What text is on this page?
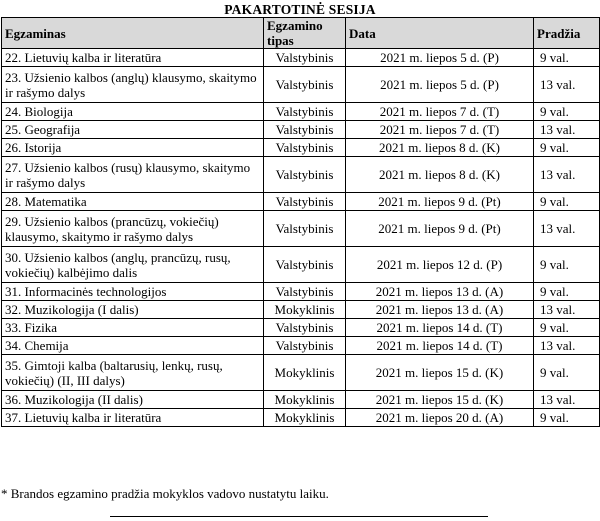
PAKARTOTINĖ SESIJA
Egzaminas	Egzamino tipas	Data	Pradžia
22. Lietuvių kalba ir literatūra	Valstybinis	2021 m. liepos 5 d. (P)	9 val.
23. Užsienio kalbos (anglų) klausymo, skaitymo ir rašymo dalys	Valstybinis	2021 m. liepos 5 d. (P)	13 val.
24. Biologija	Valstybinis	2021 m. liepos 7 d. (T)	9 val.
25. Geografija	Valstybinis	2021 m. liepos 7 d. (T)	13 val.
26. Istorija	Valstybinis	2021 m. liepos 8 d. (K)	9 val.
27. Užsienio kalbos (rusų) klausymo, skaitymo ir rašymo dalys	Valstybinis	2021 m. liepos 8 d. (K)	13 val.
28. Matematika	Valstybinis	2021 m. liepos 9 d. (Pt)	9 val.
29. Užsienio kalbos (prancūzų, vokiečių) klausymo, skaitymo ir rašymo dalys	Valstybinis	2021 m. liepos 9 d. (Pt)	13 val.
30. Užsienio kalbos (anglų, prancūzų, rusų, vokiečių) kalbėjimo dalis	Valstybinis	2021 m. liepos 12 d. (P)	9 val.
31. Informacinės technologijos	Valstybinis	2021 m. liepos 13 d. (A)	9 val.
32. Muzikologija (I dalis)	Mokyklinis	2021 m. liepos 13 d. (A)	13 val.
33. Fizika	Valstybinis	2021 m. liepos 14 d. (T)	9 val.
34. Chemija	Valstybinis	2021 m. liepos 14 d. (T)	13 val.
35. Gimtoji kalba (baltarusių, lenkų, rusų, vokiečių) (II, III dalys)	Mokyklinis	2021 m. liepos 15 d. (K)	9 val.
36. Muzikologija (II dalis)	Mokyklinis	2021 m. liepos 15 d. (K)	13 val.
37. Lietuvių kalba ir literatūra	Mokyklinis	2021 m. liepos 20 d. (A)	9 val.
* Brandos egzamino pradžia mokyklos vadovo nustatytu laiku.
